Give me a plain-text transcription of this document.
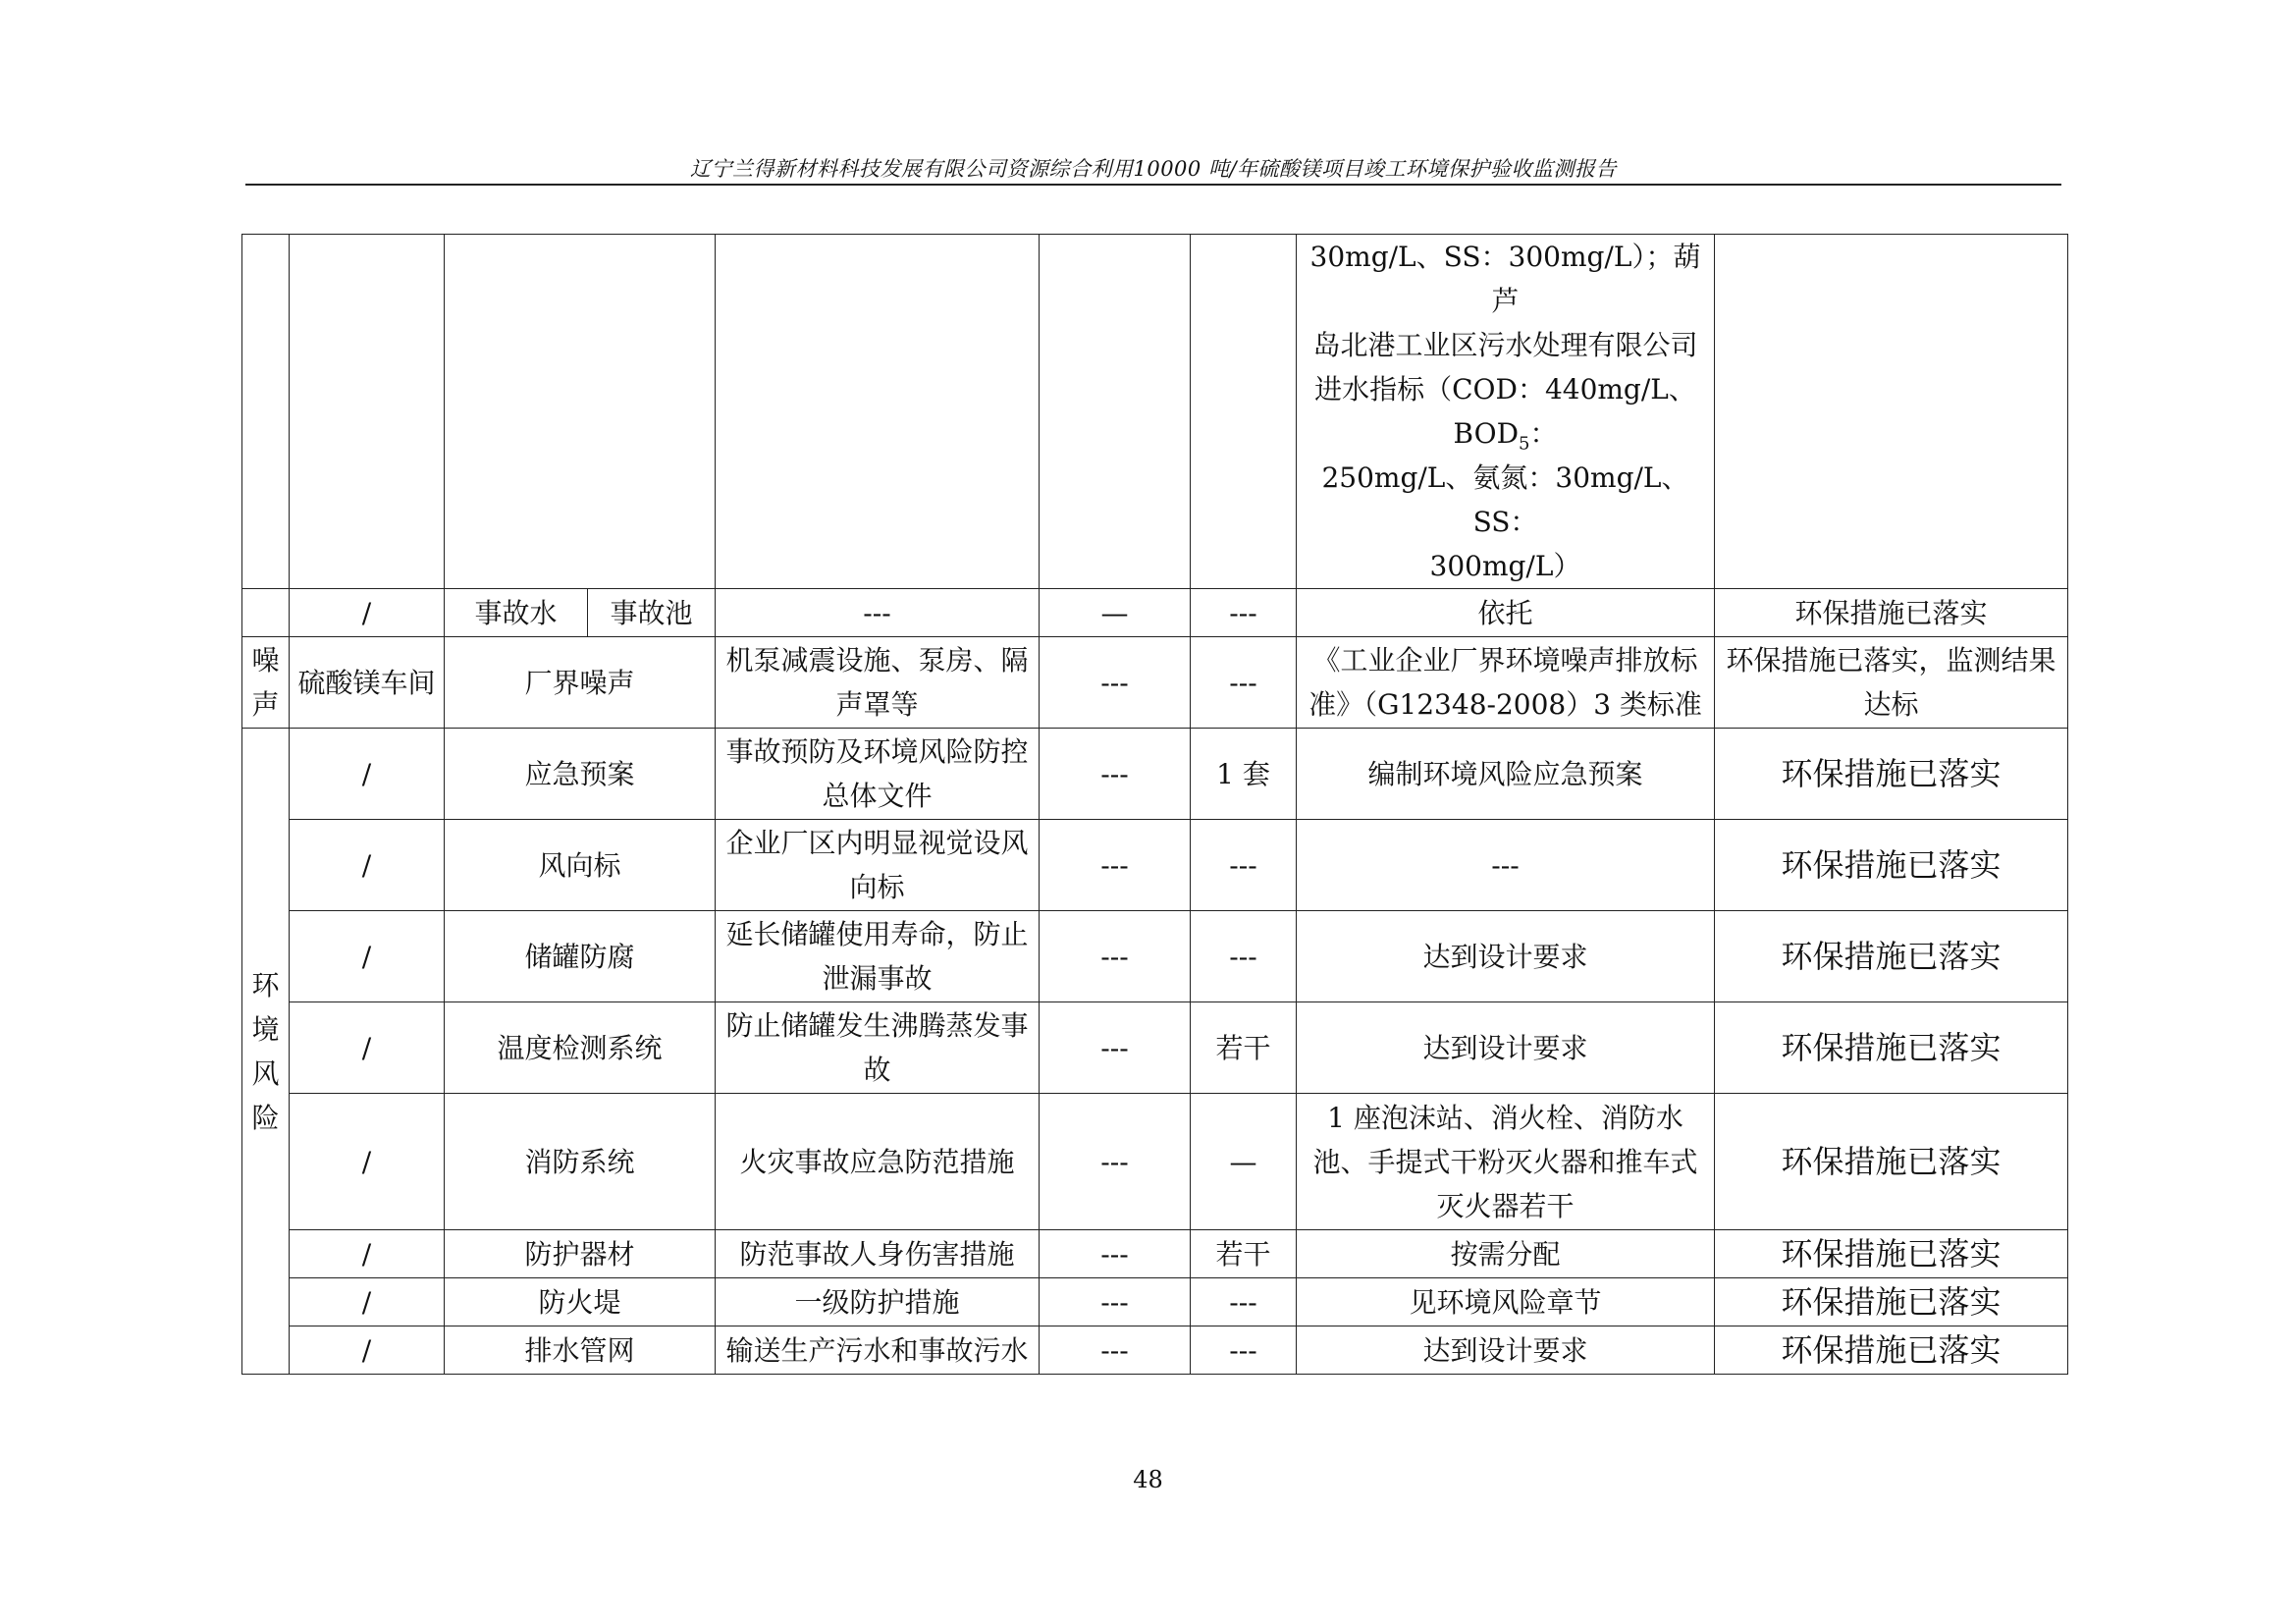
辽宁兰得新材料科技发展有限公司资源综合利用10000 吨/年硫酸镁项目竣工环境保护验收监测报告

							30mg/L、SS：300mg/L）；葫芦
岛北港工业区污水处理有限公司
进水指标（COD：440mg/L、$BOD_5$：
250mg/L、氨氮：30mg/L、SS：
300mg/L）	

	/	事故水	事故池	---	—	---	依托	环保措施已落实
噪声	硫酸镁车间	厂界噪声		机泵减震设施、泵房、隔声罩等	---	---	《工业企业厂界环境噪声排放标准》（G12348-2008）3 类标准	环保措施已落实，监测结果达标
环境风险	/	应急预案		事故预防及环境风险防控总体文件	---	1 套	编制环境风险应急预案	环保措施已落实
	/	风向标		企业厂区内明显视觉设风向标	---	---	---	环保措施已落实
	/	储罐防腐		延长储罐使用寿命，防止泄漏事故	---	---	达到设计要求	环保措施已落实
	/	温度检测系统		防止储罐发生沸腾蒸发事故	---	若干	达到设计要求	环保措施已落实
	/	消防系统		火灾事故应急防范措施	---	—	1 座泡沫站、消火栓、消防水池、手提式干粉灭火器和推车式灭火器若干	环保措施已落实
	/	防护器材		防范事故人身伤害措施	---	若干	按需分配	环保措施已落实
	/	防火堤		一级防护措施	---	---	见环境风险章节	环保措施已落实
	/	排水管网		输送生产污水和事故污水	---	---	达到设计要求	环保措施已落实
48
